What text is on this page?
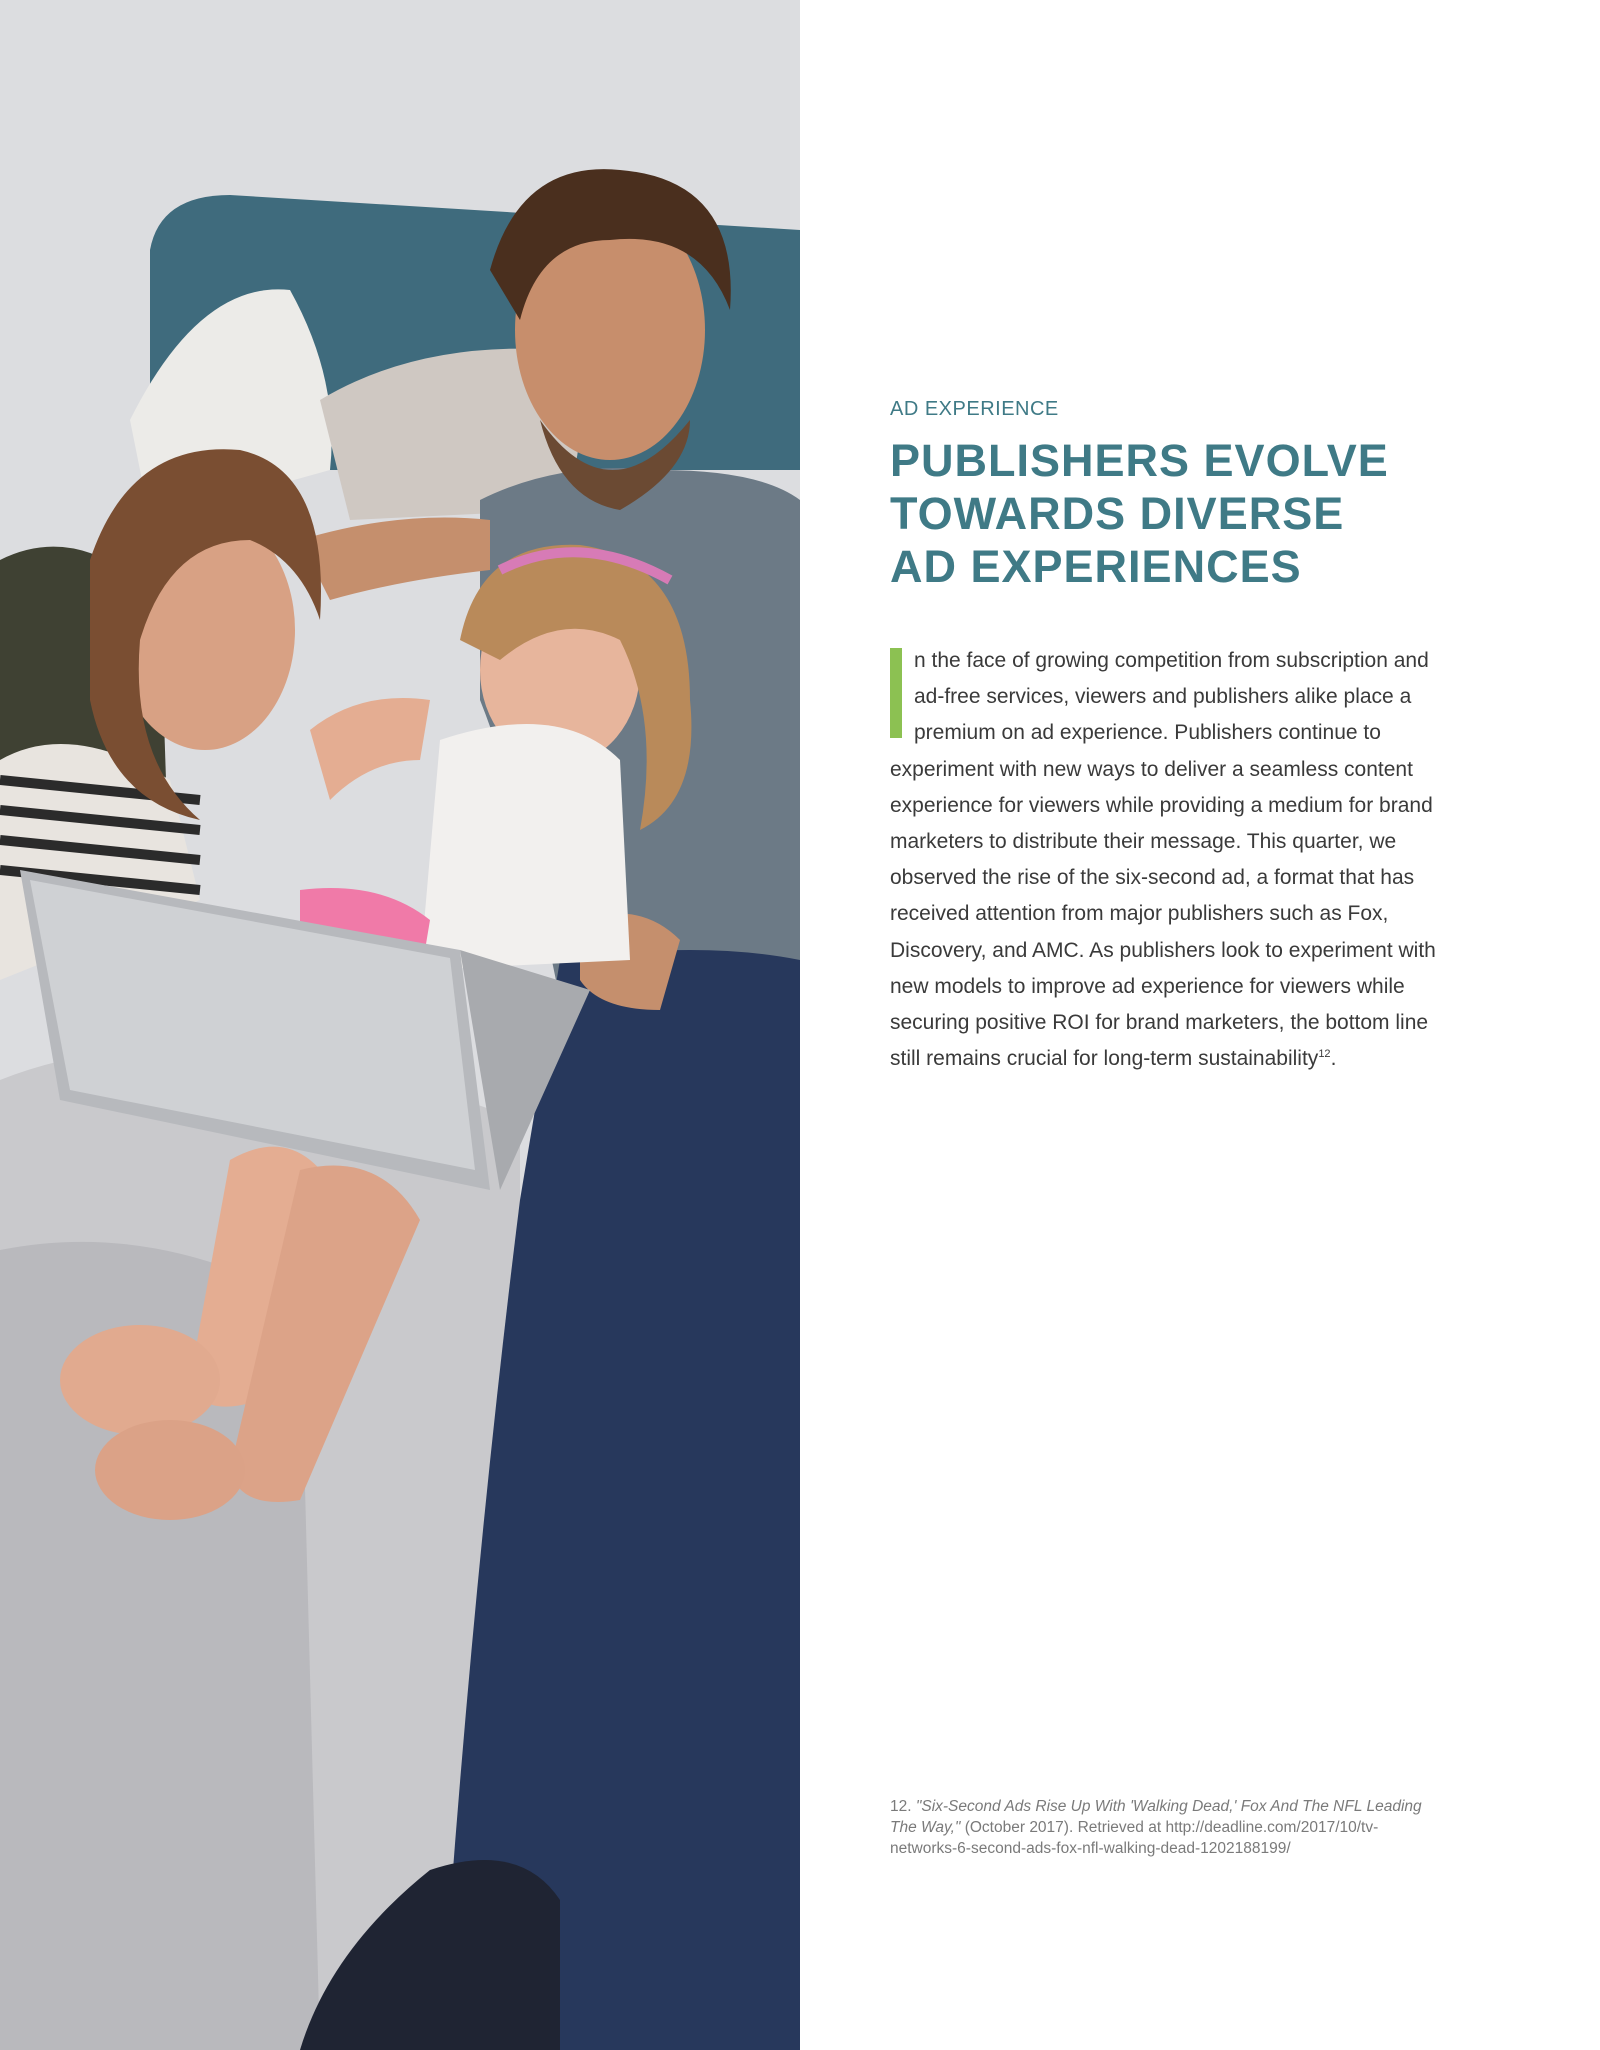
AD EXPERIENCE

PUBLISHERS EVOLVE
TOWARDS DIVERSE
AD EXPERIENCES

n the face of growing competition from subscription and ad-free services, viewers and publishers alike place a premium on ad experience. Publishers continue to experiment with new ways to deliver a seamless content experience for viewers while providing a medium for brand marketers to distribute their message. This quarter, we observed the rise of the six-second ad, a format that has received attention from major publishers such as Fox, Discovery, and AMC. As publishers look to experiment with new models to improve ad experience for viewers while securing positive ROI for brand marketers, the bottom line still remains crucial for long-term sustainability$^{12}$.

12. "Six-Second Ads Rise Up With 'Walking Dead,' Fox And The NFL Leading The Way," (October 2017). Retrieved at http://deadline.com/2017/10/tv-networks-6-second-ads-fox-nfl-walking-dead-1202188199/
